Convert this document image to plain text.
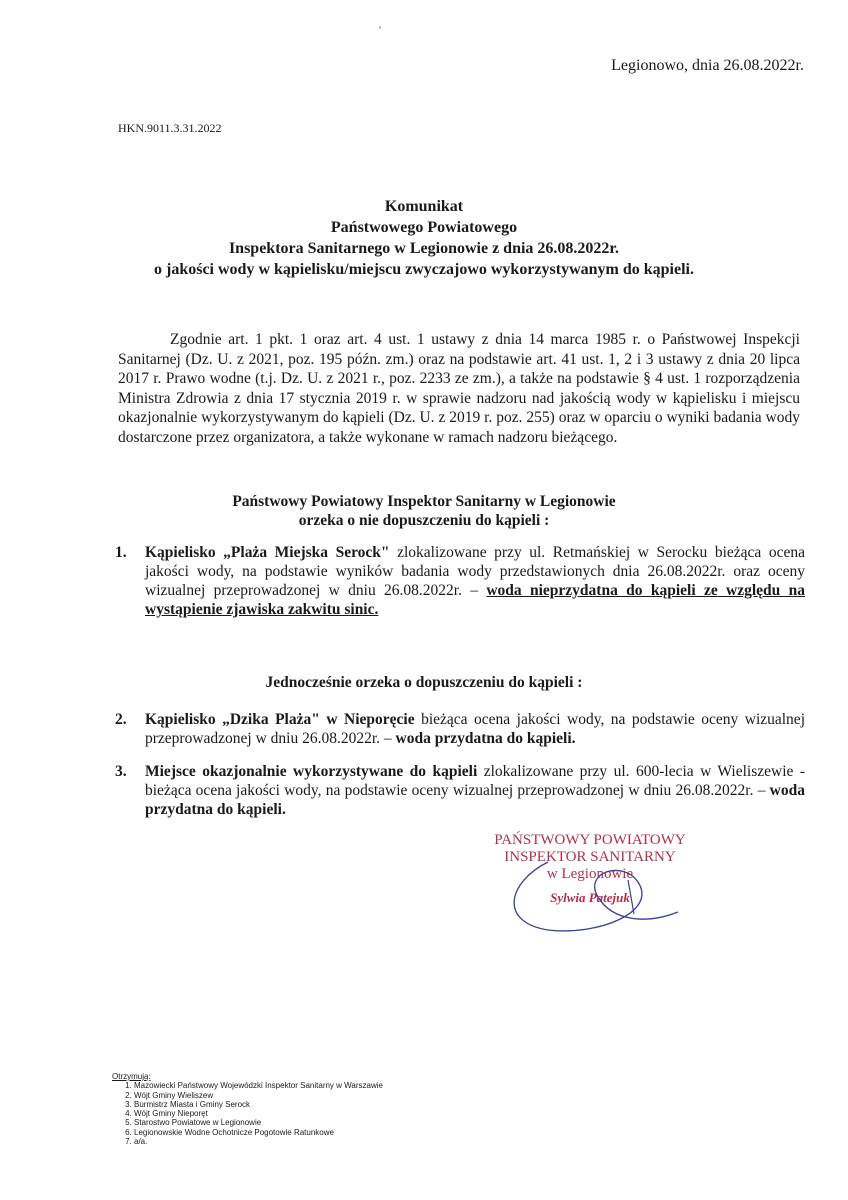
ˊ
Legionowo, dnia 26.08.2022r.
HKN.9011.3.31.2022
Komunikat
Państwowego Powiatowego
Inspektora Sanitarnego w Legionowie z dnia 26.08.2022r.
o jakości wody w kąpielisku/miejscu zwyczajowo wykorzystywanym do kąpieli.
Zgodnie art. 1 pkt. 1 oraz art. 4 ust. 1 ustawy z dnia 14 marca 1985 r. o Państwowej Inspekcji Sanitarnej (Dz. U. z 2021, poz. 195 późn. zm.) oraz na podstawie art. 41 ust. 1, 2 i 3 ustawy z dnia 20 lipca 2017 r. Prawo wodne (t.j. Dz. U. z 2021 r., poz. 2233 ze zm.), a także na podstawie § 4 ust. 1 rozporządzenia Ministra Zdrowia z dnia 17 stycznia 2019 r. w sprawie nadzoru nad jakością wody w kąpielisku i miejscu okazjonalnie wykorzystywanym do kąpieli (Dz. U. z 2019 r. poz. 255) oraz w oparciu o wyniki badania wody dostarczone przez organizatora, a także wykonane w ramach nadzoru bieżącego.
Państwowy Powiatowy Inspektor Sanitarny w Legionowie
orzeka o nie dopuszczeniu do kąpieli :
1. Kąpielisko „Plaża Miejska Serock" zlokalizowane przy ul. Retmańskiej w Serocku bieżąca ocena jakości wody, na podstawie wyników badania wody przedstawionych dnia 26.08.2022r. oraz oceny wizualnej przeprowadzonej w dniu 26.08.2022r. – woda nieprzydatna do kąpieli ze względu na wystąpienie zjawiska zakwitu sinic.
Jednocześnie orzeka o dopuszczeniu do kąpieli :
2. Kąpielisko „Dzika Plaża" w Nieporęcie bieżąca ocena jakości wody, na podstawie oceny wizualnej przeprowadzonej w dniu 26.08.2022r. – woda przydatna do kąpieli.
3. Miejsce okazjonalnie wykorzystywane do kąpieli zlokalizowane przy ul. 600-lecia w Wieliszewie - bieżąca ocena jakości wody, na podstawie oceny wizualnej przeprowadzonej w dniu 26.08.2022r. – woda przydatna do kąpieli.
PAŃSTWOWY POWIATOWY
INSPEKTOR SANITARNY
w Legionowie
Sylwia Patejuk
Otrzymują:
1. Mazowiecki Państwowy Wojewódzki Inspektor Sanitarny w Warszawie
2. Wójt Gminy Wieliszew
3. Burmistrz Miasta i Gminy Serock
4. Wójt Gminy Nieporęt
5. Starostwo Powiatowe w Legionowie
6. Legionowskie Wodne Ochotnicze Pogotowie Ratunkowe
7. a/a.
